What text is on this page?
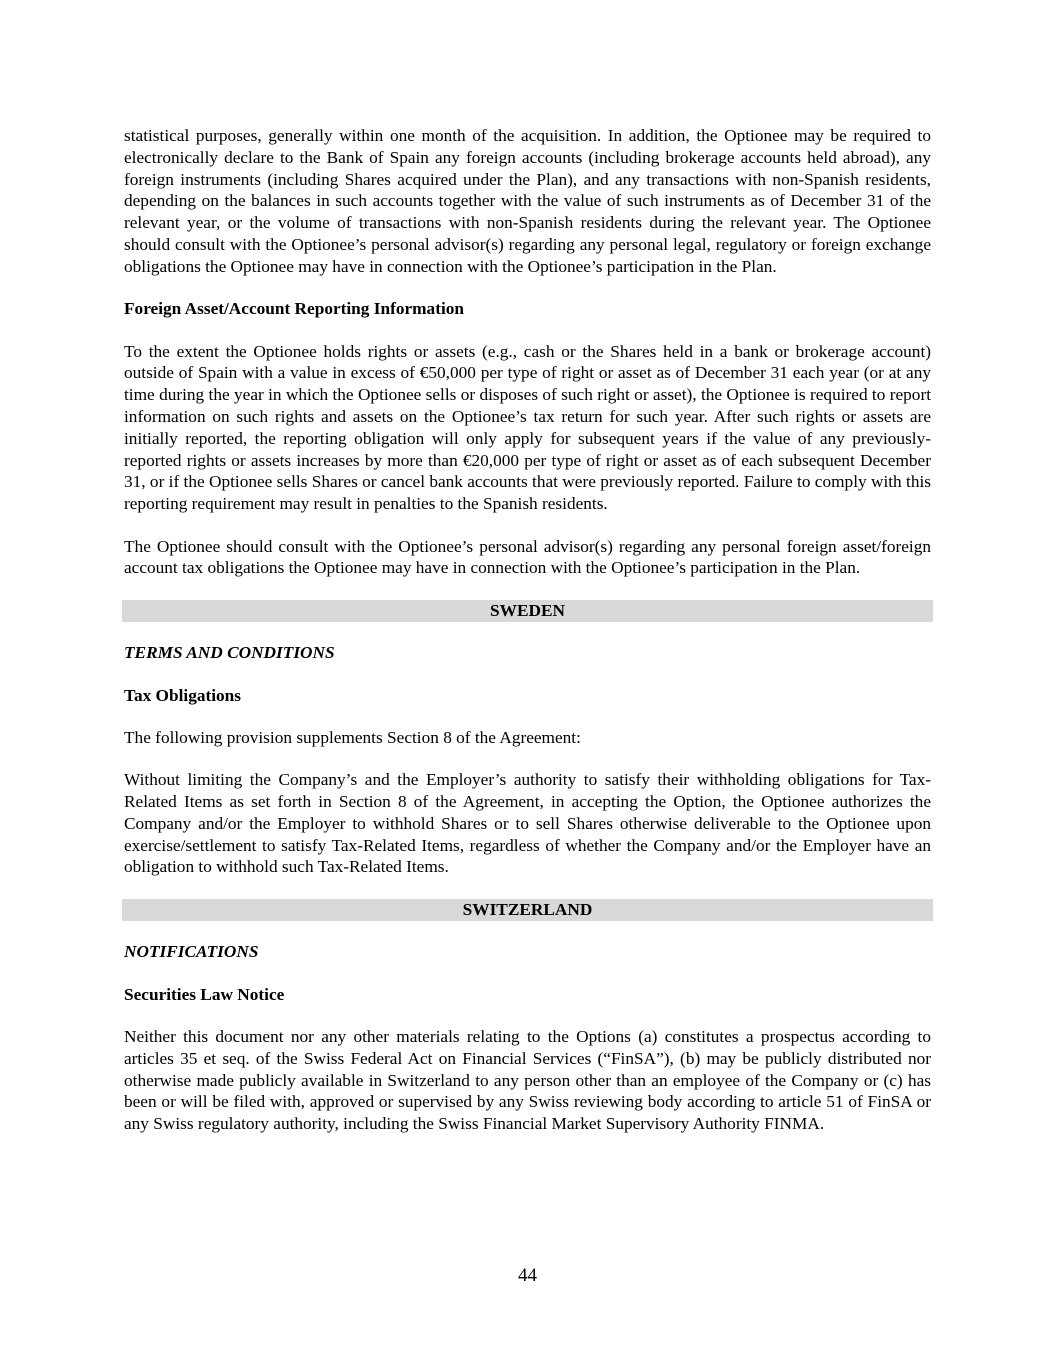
statistical purposes, generally within one month of the acquisition. In addition, the Optionee may be required to electronically declare to the Bank of Spain any foreign accounts (including brokerage accounts held abroad), any foreign instruments (including Shares acquired under the Plan), and any transactions with non-Spanish residents, depending on the balances in such accounts together with the value of such instruments as of December 31 of the relevant year, or the volume of transactions with non-Spanish residents during the relevant year. The Optionee should consult with the Optionee’s personal advisor(s) regarding any personal legal, regulatory or foreign exchange obligations the Optionee may have in connection with the Optionee’s participation in the Plan.

Foreign Asset/Account Reporting Information

To the extent the Optionee holds rights or assets (e.g., cash or the Shares held in a bank or brokerage account) outside of Spain with a value in excess of €50,000 per type of right or asset as of December 31 each year (or at any time during the year in which the Optionee sells or disposes of such right or asset), the Optionee is required to report information on such rights and assets on the Optionee’s tax return for such year. After such rights or assets are initially reported, the reporting obligation will only apply for subsequent years if the value of any previously-reported rights or assets increases by more than €20,000 per type of right or asset as of each subsequent December 31, or if the Optionee sells Shares or cancel bank accounts that were previously reported. Failure to comply with this reporting requirement may result in penalties to the Spanish residents.

The Optionee should consult with the Optionee’s personal advisor(s) regarding any personal foreign asset/foreign account tax obligations the Optionee may have in connection with the Optionee’s participation in the Plan.

SWEDEN

TERMS AND CONDITIONS

Tax Obligations

The following provision supplements Section 8 of the Agreement:

Without limiting the Company’s and the Employer’s authority to satisfy their withholding obligations for Tax-Related Items as set forth in Section 8 of the Agreement, in accepting the Option, the Optionee authorizes the Company and/or the Employer to withhold Shares or to sell Shares otherwise deliverable to the Optionee upon exercise/settlement to satisfy Tax-Related Items, regardless of whether the Company and/or the Employer have an obligation to withhold such Tax-Related Items.

SWITZERLAND

NOTIFICATIONS

Securities Law Notice

Neither this document nor any other materials relating to the Options (a) constitutes a prospectus according to articles 35 et seq. of the Swiss Federal Act on Financial Services (“FinSA”), (b) may be publicly distributed nor otherwise made publicly available in Switzerland to any person other than an employee of the Company or (c) has been or will be filed with, approved or supervised by any Swiss reviewing body according to article 51 of FinSA or any Swiss regulatory authority, including the Swiss Financial Market Supervisory Authority FINMA.

44
